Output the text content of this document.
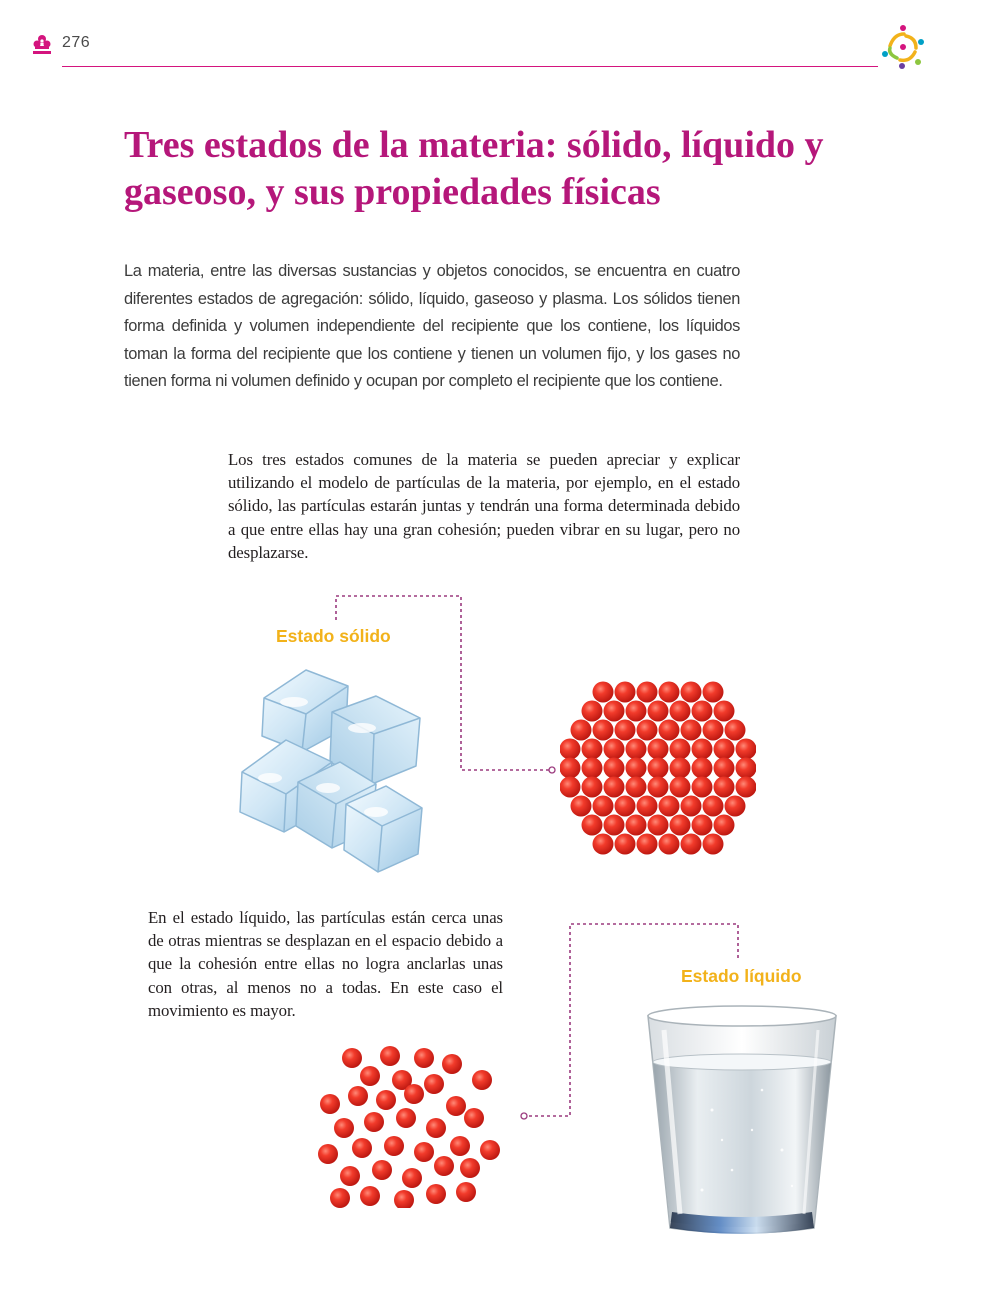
276
Tres estados de la materia: sólido, líquido y gaseoso, y sus propiedades físicas

La materia, entre las diversas sustancias y objetos conocidos, se encuentra en cuatro diferentes estados de agregación: sólido, líquido, gaseoso y plasma. Los sólidos tienen forma definida y volumen independiente del recipiente que los contiene, los líquidos toman la forma del recipiente que los contiene y tienen un volumen fijo, y los gases no tienen forma ni volumen definido y ocupan por completo el recipiente que los contiene.

Los tres estados comunes de la materia se pueden apreciar y explicar utilizando el modelo de partículas de la materia, por ejemplo, en el estado sólido, las partículas estarán juntas y tendrán una forma determinada debido a que entre ellas hay una gran cohesión; pueden vibrar en su lugar, pero no desplazarse.

Estado sólido

En el estado líquido, las partículas están cerca unas de otras mientras se desplazan en el espacio debido a que la cohesión entre ellas no logra anclarlas unas con otras, al menos no a todas. En este caso el movimiento es mayor.

Estado líquido
